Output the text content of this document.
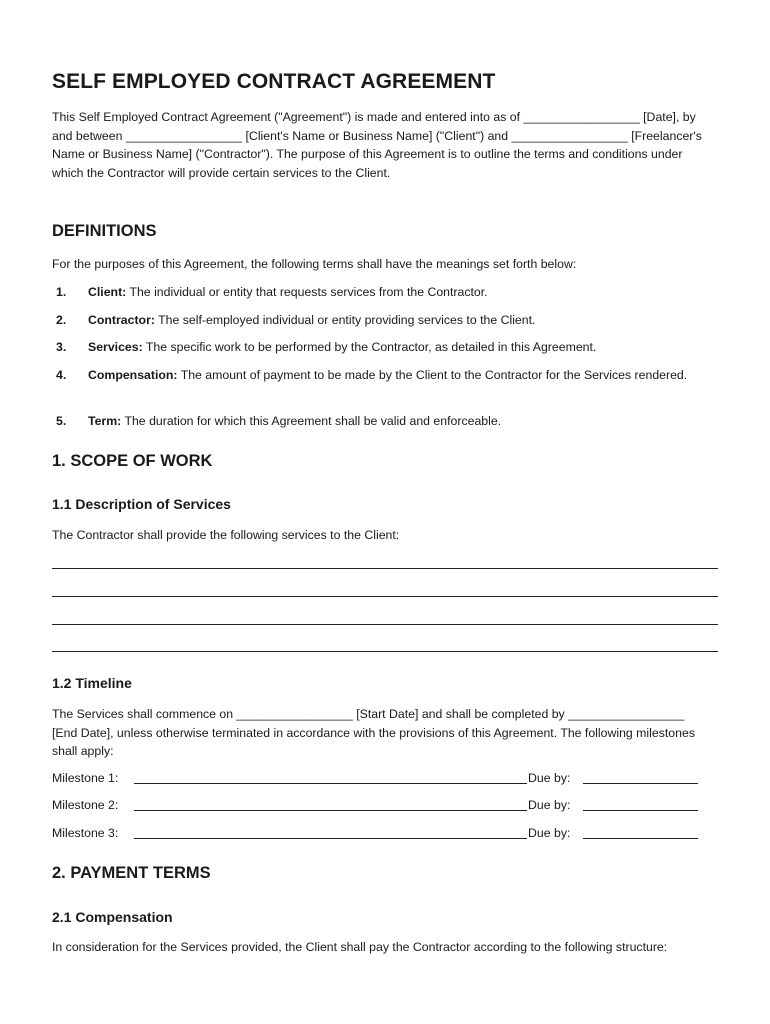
SELF EMPLOYED CONTRACT AGREEMENT

This Self Employed Contract Agreement ("Agreement") is made and entered into as of _________________ [Date], by and between _________________ [Client's Name or Business Name] ("Client") and _________________ [Freelancer's Name or Business Name] ("Contractor"). The purpose of this Agreement is to outline the terms and conditions under which the Contractor will provide certain services to the Client.

DEFINITIONS

For the purposes of this Agreement, the following terms shall have the meanings set forth below:

1. Client: The individual or entity that requests services from the Contractor.
2. Contractor: The self-employed individual or entity providing services to the Client.
3. Services: The specific work to be performed by the Contractor, as detailed in this Agreement.
4. Compensation: The amount of payment to be made by the Client to the Contractor for the Services rendered.
5. Term: The duration for which this Agreement shall be valid and enforceable.
1. SCOPE OF WORK
1.1 Description of Services

The Contractor shall provide the following services to the Client:

1.2 Timeline

The Services shall commence on _________________ [Start Date] and shall be completed by _________________ [End Date], unless otherwise terminated in accordance with the provisions of this Agreement. The following milestones shall apply:

Milestone 1:	Due by:
Milestone 2:	Due by:
Milestone 3:	Due by:
2. PAYMENT TERMS
2.1 Compensation

In consideration for the Services provided, the Client shall pay the Contractor according to the following structure:
